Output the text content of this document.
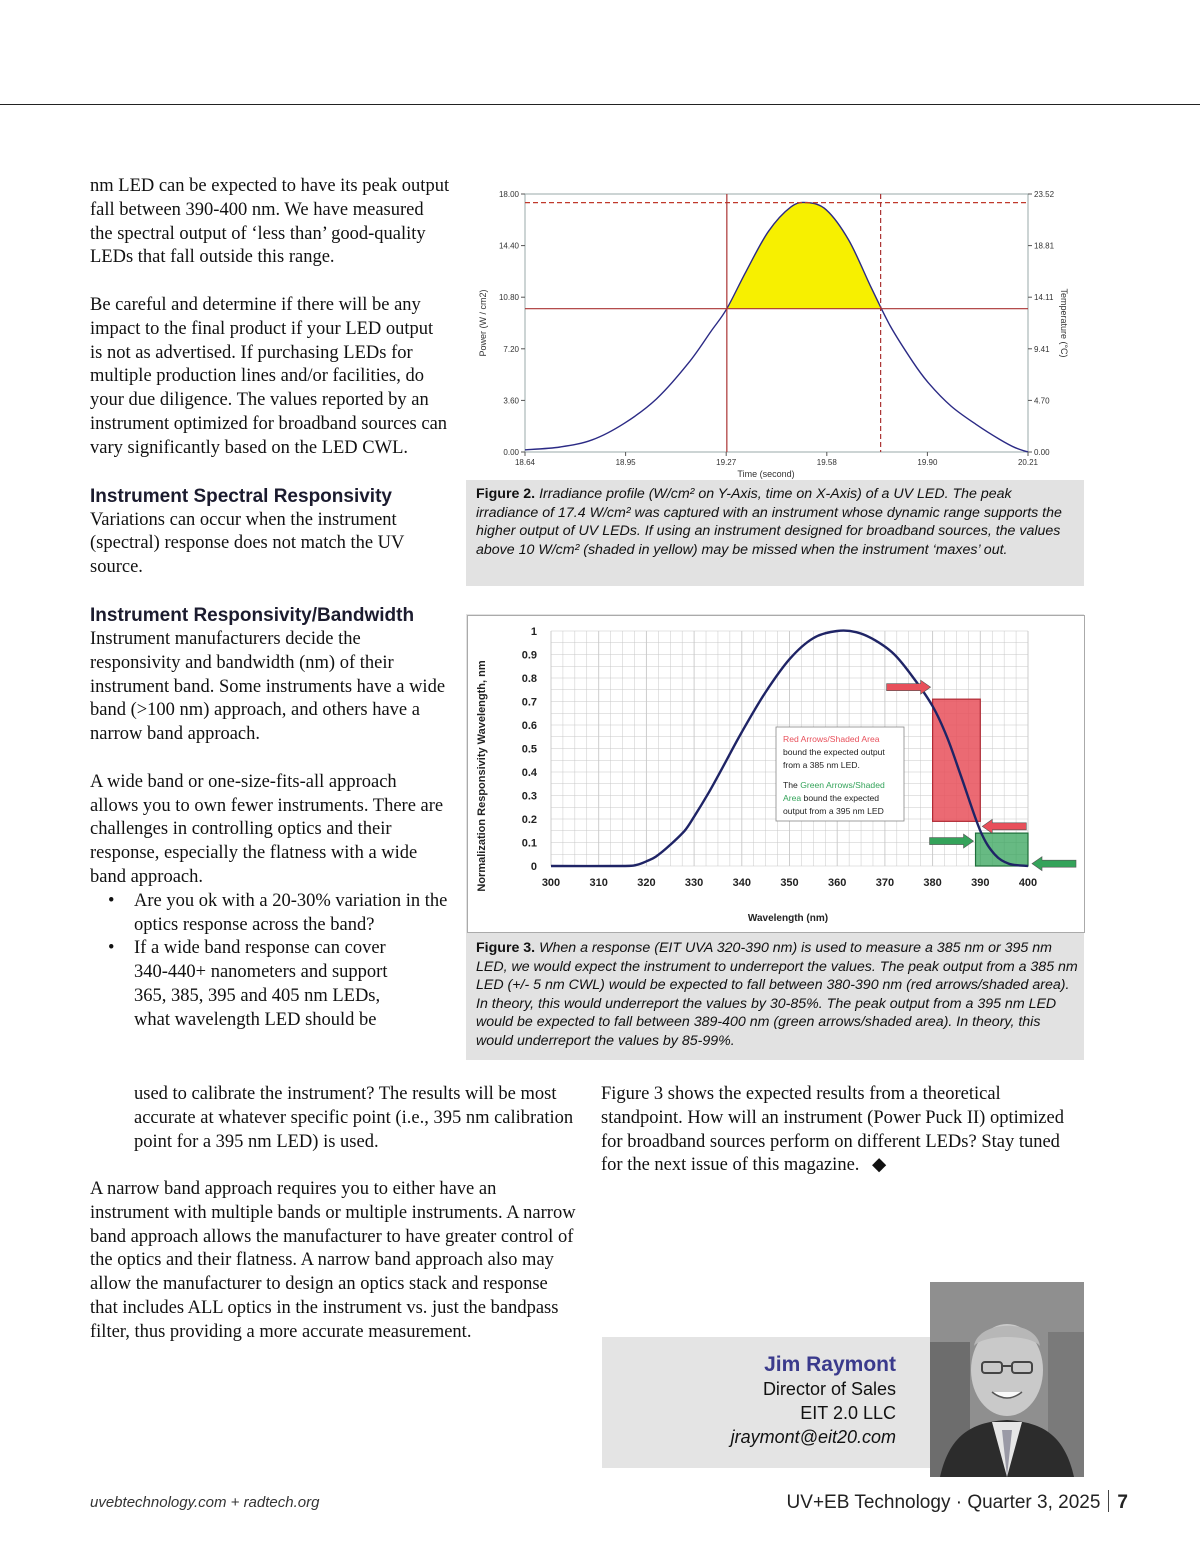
nm LED can be expected to have its peak output fall between 390-400 nm. We have measured the spectral output of ‘less than’ good-quality LEDs that fall outside this range.

Be careful and determine if there will be any impact to the final product if your LED output is not as advertised. If purchasing LEDs for multiple production lines and/or facilities, do your due diligence. The values reported by an instrument optimized for broadband sources can vary significantly based on the LED CWL.

Instrument Spectral Responsivity

Variations can occur when the instrument (spectral) response does not match the UV source.

Instrument Responsivity/Bandwidth

Instrument manufacturers decide the responsivity and bandwidth (nm) of their instrument band. Some instruments have a wide band (>100 nm) approach, and others have a narrow band approach.

A wide band or one-size-fits-all approach allows you to own fewer instruments. There are challenges in controlling optics and their response, especially the flatness with a wide band approach.

• Are you ok with a 20-30% variation in the optics response across the band?
• If a wide band response can cover 340-440+ nanometers and support 365, 385, 395 and 405 nm LEDs, what wavelength LED should be
used to calibrate the instrument? The results will be most accurate at whatever specific point (i.e., 395 nm calibration point for a 395 nm LED) is used.
A narrow band approach requires you to either have an instrument with multiple bands or multiple instruments. A narrow band approach allows the manufacturer to have greater control of the optics and their flatness. A narrow band approach also may allow the manufacturer to design an optics stack and response that includes ALL optics in the instrument vs. just the bandpass filter, thus providing a more accurate measurement.
0.00
3.60
7.20
10.80
14.40
18.00
0.00
4.70
9.41
14.11
18.81
23.52
18.64	18.95	19.27	19.58	19.90	20.21
Power (W / cm2)	Temperature (°C)
Time (second)
Figure 2. Irradiance profile (W/cm² on Y-Axis, time on X-Axis) of a UV LED. The peak irradiance of 17.4 W/cm² was captured with an instrument whose dynamic range supports the higher output of UV LEDs. If using an instrument designed for broadband sources, the values above 10 W/cm² (shaded in yellow) may be missed when the instrument ‘maxes’ out.
0
0.1
0.2
0.3
0.4
0.5
0.6
0.7
0.8
0.9
1
300	310	320	330	340	350	360	370	380	390	400
Red Arrows/Shaded Area
bound the expected output
from a 385 nm LED.
The Green Arrows/Shaded
Area bound the expected
output from a 395 nm LED
Normalization Responsivity Wavelength, nm
Wavelength (nm)
Figure 3. When a response (EIT UVA 320-390 nm) is used to measure a 385 nm or 395 nm LED, we would expect the instrument to underreport the values. The peak output from a 385 nm LED (+/- 5 nm CWL) would be expected to fall between 380-390 nm (red arrows/shaded area). In theory, this would underreport the values by 30-85%. The peak output from a 395 nm LED would be expected to fall between 389-400 nm (green arrows/shaded area). In theory, this would underreport the values by 85-99%.
Figure 3 shows the expected results from a theoretical standpoint. How will an instrument (Power Puck II) optimized for broadband sources perform on different LEDs? Stay tuned for the next issue of this magazine. ◆
Jim Raymont
Director of Sales
EIT 2.0 LLC
jraymont@eit20.com
uvebtechnology.com + radtech.org	UV+EB Technology · Quarter 3, 2025 7
